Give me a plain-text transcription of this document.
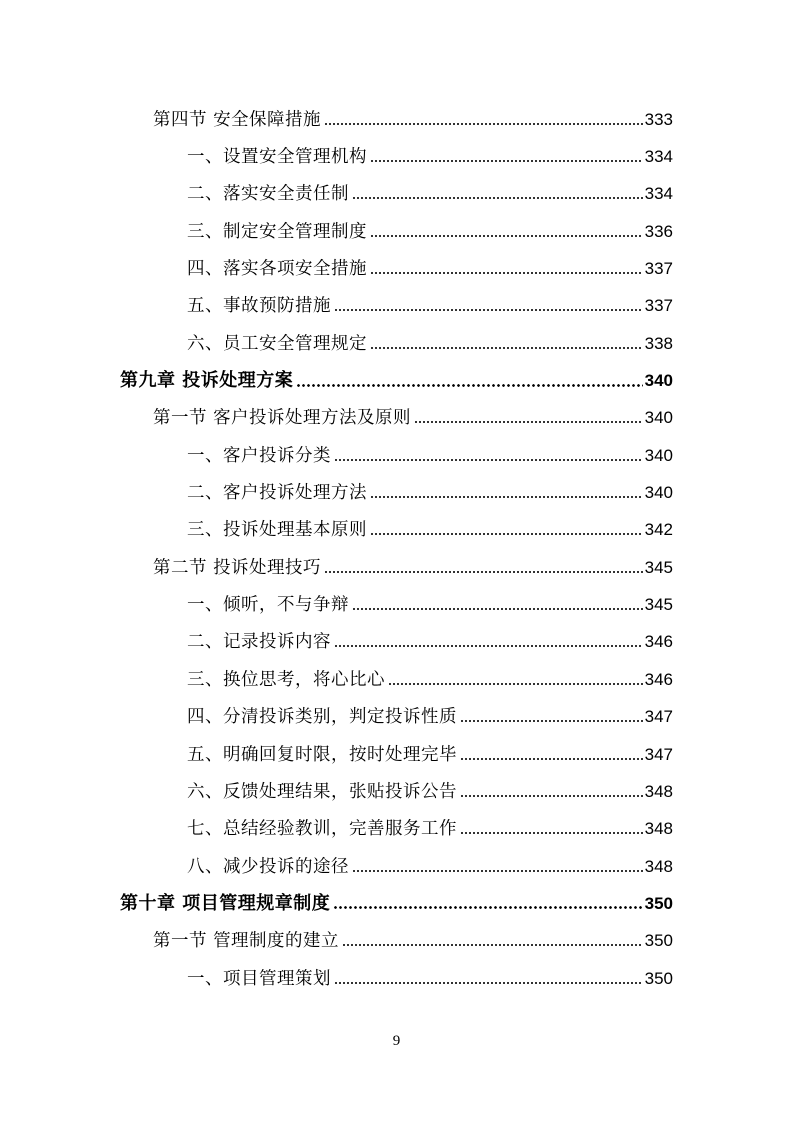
第四节 安全保障措施	333
一、设置安全管理机构	334
二、落实安全责任制	334
三、制定安全管理制度	336
四、落实各项安全措施	337
五、事故预防措施	337
六、员工安全管理规定	338
第九章 投诉处理方案	340
第一节 客户投诉处理方法及原则	340
一、客户投诉分类	340
二、客户投诉处理方法	340
三、投诉处理基本原则	342
第二节 投诉处理技巧	345
一、倾听，不与争辩	345
二、记录投诉内容	346
三、换位思考，将心比心	346
四、分清投诉类别，判定投诉性质	347
五、明确回复时限，按时处理完毕	347
六、反馈处理结果，张贴投诉公告	348
七、总结经验教训，完善服务工作	348
八、减少投诉的途径	348
第十章 项目管理规章制度	350
第一节 管理制度的建立	350
一、项目管理策划	350
9
